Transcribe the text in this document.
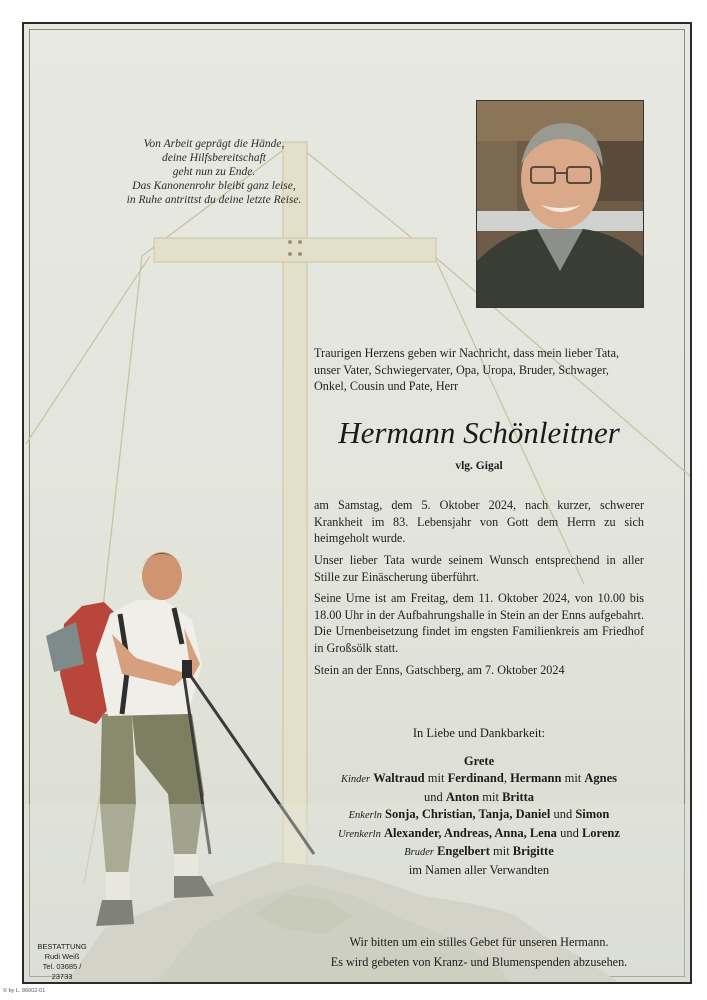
Von Arbeit geprägt die Hände,
deine Hilfsbereitschaft
geht nun zu Ende.
Das Kanonenrohr bleibt ganz leise,
in Ruhe antrittst du deine letzte Reise.
Traurigen Herzens geben wir Nachricht, dass mein lieber Tata,
unser Vater, Schwiegervater, Opa, Uropa, Bruder, Schwager,
Onkel, Cousin und Pate, Herr
Hermann Schönleitner
vlg. Gigal
am Samstag, dem 5. Oktober 2024, nach kurzer, schwerer Krankheit im 83. Lebensjahr von Gott dem Herrn zu sich heimgeholt wurde.
Unser lieber Tata wurde seinem Wunsch entsprechend in aller Stille zur Einäscherung überführt.
Seine Urne ist am Freitag, dem 11. Oktober 2024, von 10.00 bis 18.00 Uhr in der Aufbahrungshalle in Stein an der Enns aufgebahrt. Die Urnenbeisetzung findet im engsten Familienkreis am Friedhof in Großsölk statt.
Stein an der Enns, Gatschberg, am 7. Oktober 2024
In Liebe und Dankbarkeit:
Grete
Kinder Waltraud mit Ferdinand, Hermann mit Agnes
und Anton mit Britta
Enkerln Sonja, Christian, Tanja, Daniel und Simon
Urenkerln Alexander, Andreas, Anna, Lena und Lorenz
Bruder Engelbert mit Brigitte
im Namen aller Verwandten
Wir bitten um ein stilles Gebet für unseren Hermann.
Es wird gebeten von Kranz- und Blumenspenden abzusehen.
BESTATTUNG
Rudi Weiß
Tel. 03685 / 23733
© by L. 86002-01
